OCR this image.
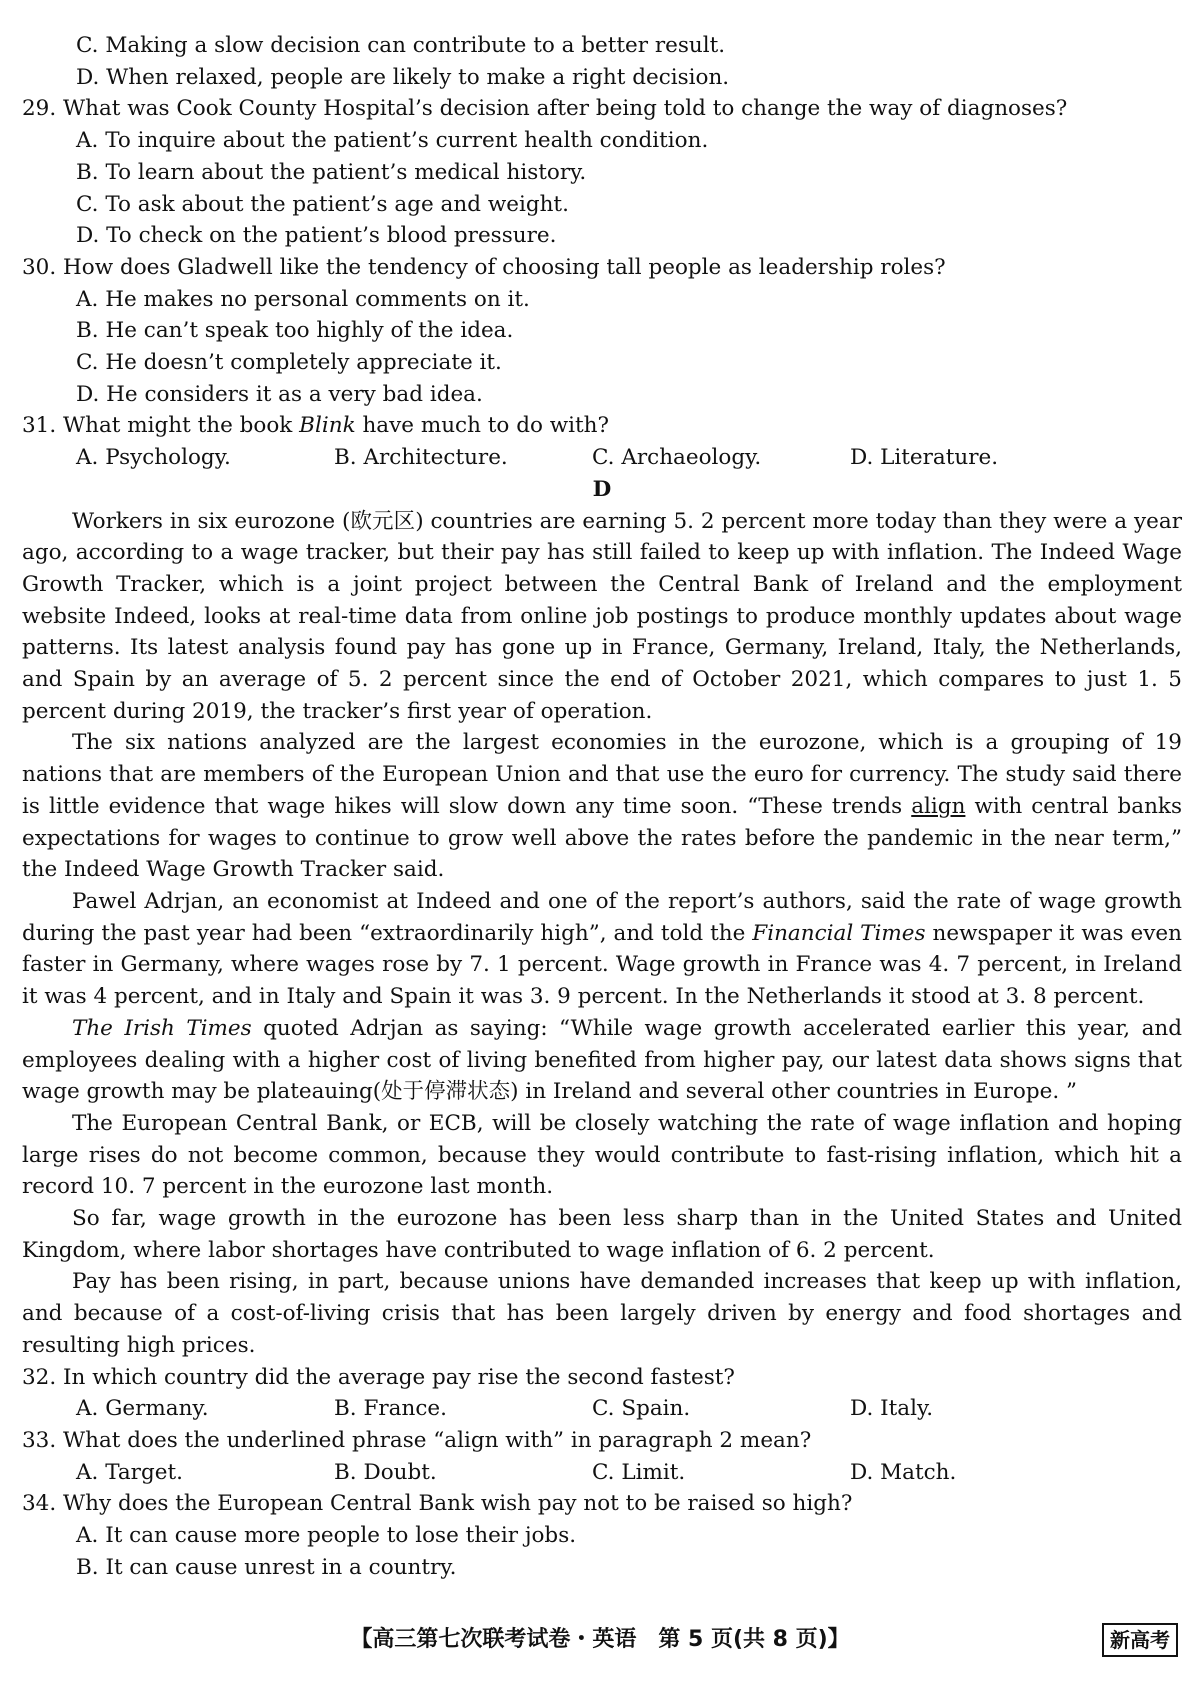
C. Making a slow decision can contribute to a better result.
D. When relaxed, people are likely to make a right decision.
29. What was Cook County Hospital’s decision after being told to change the way of diagnoses?
A. To inquire about the patient’s current health condition.
B. To learn about the patient’s medical history.
C. To ask about the patient’s age and weight.
D. To check on the patient’s blood pressure.
30. How does Gladwell like the tendency of choosing tall people as leadership roles?
A. He makes no personal comments on it.
B. He can’t speak too highly of the idea.
C. He doesn’t completely appreciate it.
D. He considers it as a very bad idea.
31. What might the book Blink have much to do with?
A. Psychology.	B. Architecture.	C. Archaeology.	D. Literature.
D

Workers in six eurozone (欧元区) countries are earning 5. 2 percent more today than they were a year ago, according to a wage tracker, but their pay has still failed to keep up with inflation. The Indeed Wage Growth Tracker, which is a joint project between the Central Bank of Ireland and the employment website Indeed, looks at real-time data from online job postings to produce monthly updates about wage patterns. Its latest analysis found pay has gone up in France, Germany, Ireland, Italy, the Netherlands, and Spain by an average of 5. 2 percent since the end of October 2021, which compares to just 1. 5 percent during 2019, the tracker’s first year of operation.

The six nations analyzed are the largest economies in the eurozone, which is a grouping of 19 nations that are members of the European Union and that use the euro for currency. The study said there is little evidence that wage hikes will slow down any time soon. “These trends align with central banks expectations for wages to continue to grow well above the rates before the pandemic in the near term,” the Indeed Wage Growth Tracker said.

Pawel Adrjan, an economist at Indeed and one of the report’s authors, said the rate of wage growth during the past year had been “extraordinarily high”, and told the Financial Times newspaper it was even faster in Germany, where wages rose by 7. 1 percent. Wage growth in France was 4. 7 percent, in Ireland it was 4 percent, and in Italy and Spain it was 3. 9 percent. In the Netherlands it stood at 3. 8 percent.

The Irish Times quoted Adrjan as saying: “While wage growth accelerated earlier this year, and employees dealing with a higher cost of living benefited from higher pay, our latest data shows signs that wage growth may be plateauing(处于停滞状态) in Ireland and several other countries in Europe. ”

The European Central Bank, or ECB, will be closely watching the rate of wage inflation and hoping large rises do not become common, because they would contribute to fast-rising inflation, which hit a record 10. 7 percent in the eurozone last month.

So far, wage growth in the eurozone has been less sharp than in the United States and United Kingdom, where labor shortages have contributed to wage inflation of 6. 2 percent.

Pay has been rising, in part, because unions have demanded increases that keep up with inflation, and because of a cost-of-living crisis that has been largely driven by energy and food shortages and resulting high prices.

32. In which country did the average pay rise the second fastest?
A. Germany.	B. France.	C. Spain.	D. Italy.
33. What does the underlined phrase “align with” in paragraph 2 mean?
A. Target.	B. Doubt.	C. Limit.	D. Match.
34. Why does the European Central Bank wish pay not to be raised so high?
A. It can cause more people to lose their jobs.
B. It can cause unrest in a country.
【高三第七次联考试卷・英语　第 5 页(共 8 页)】	新高考
